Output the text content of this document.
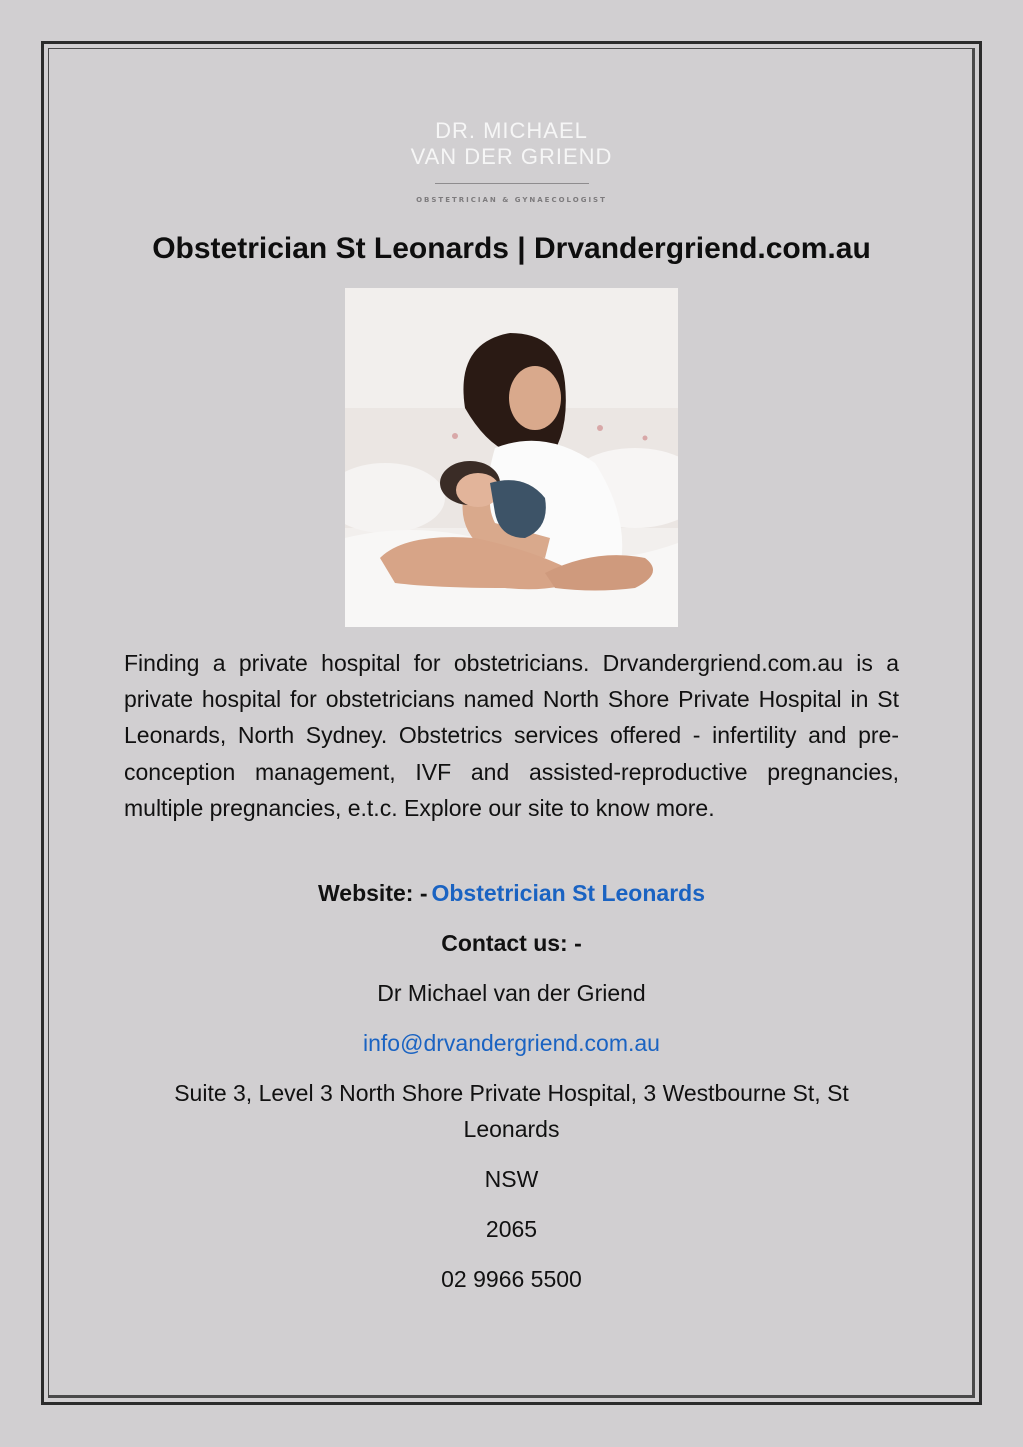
DR. MICHAEL
VAN DER GRIEND
OBSTETRICIAN & GYNAECOLOGIST
Obstetrician St Leonards | Drvandergriend.com.au

Finding a private hospital for obstetricians. Drvandergriend.com.au is a private hospital for obstetricians named North Shore Private Hospital in St Leonards, North Sydney. Obstetrics services offered - infertility and pre-conception management, IVF and assisted-reproductive pregnancies, multiple pregnancies, e.t.c. Explore our site to know more.

Website: - Obstetrician St Leonards
Contact us: -
Dr Michael van der Griend
info@drvandergriend.com.au
Suite 3, Level 3 North Shore Private Hospital, 3 Westbourne St, St
Leonards
NSW
2065
02 9966 5500
